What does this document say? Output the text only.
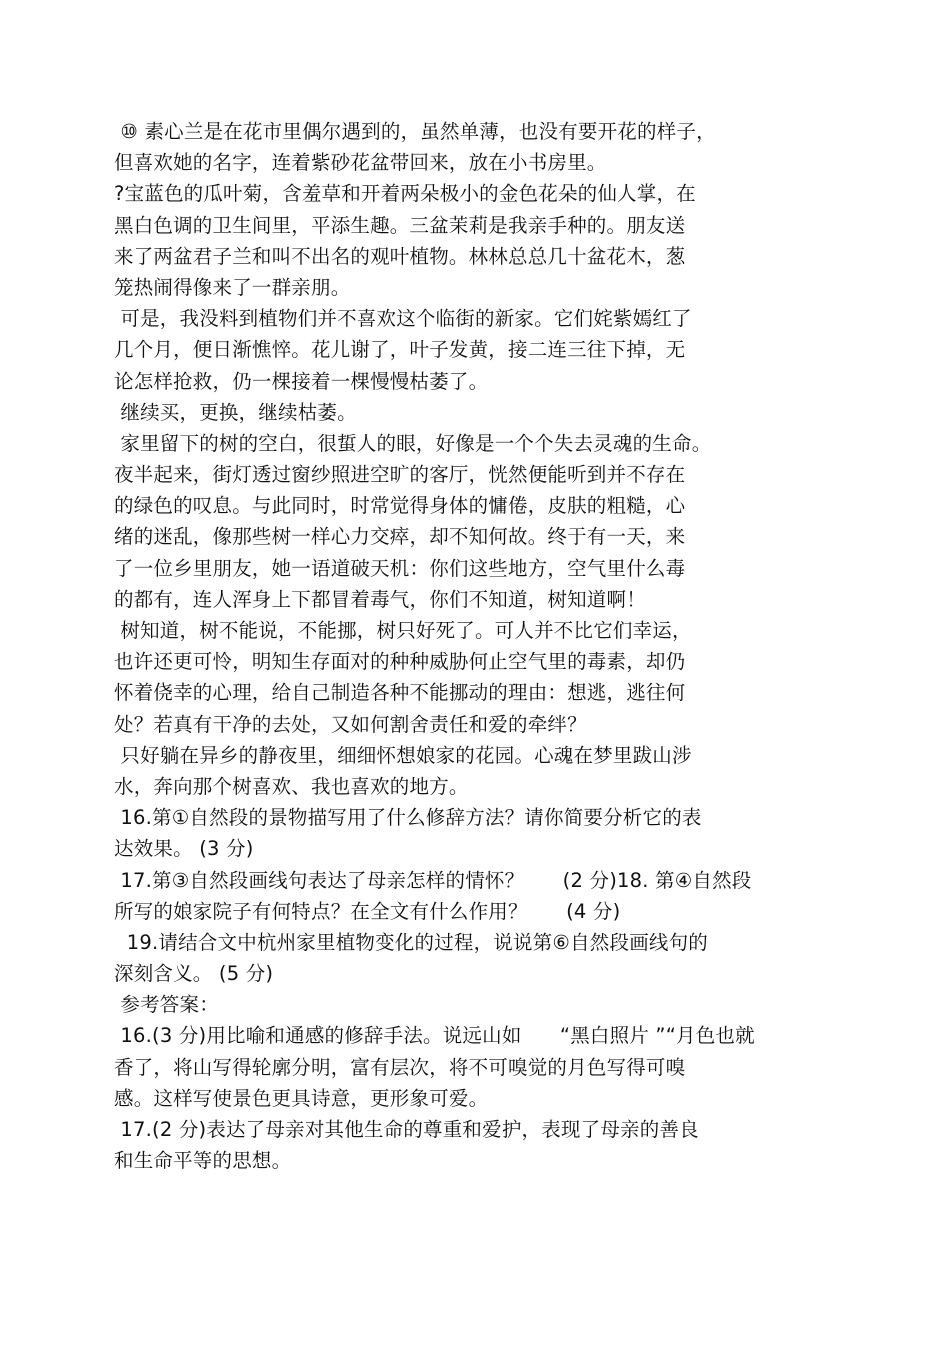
⑩ 素心兰是在花市里偶尔遇到的，虽然单薄，也没有要开花的样子，
但喜欢她的名字，连着紫砂花盆带回来，放在小书房里。
?宝蓝色的瓜叶菊，含羞草和开着两朵极小的金色花朵的仙人掌，在
黑白色调的卫生间里，平添生趣。三盆茉莉是我亲手种的。朋友送
来了两盆君子兰和叫不出名的观叶植物。林林总总几十盆花木，葱
笼热闹得像来了一群亲朋。
可是，我没料到植物们并不喜欢这个临街的新家。它们姹紫嫣红了
几个月，便日渐憔悴。花儿谢了，叶子发黄，接二连三往下掉，无
论怎样抢救，仍一棵接着一棵慢慢枯萎了。
继续买，更换，继续枯萎。
家里留下的树的空白，很蜇人的眼，好像是一个个失去灵魂的生命。
夜半起来，街灯透过窗纱照进空旷的客厅，恍然便能听到并不存在
的绿色的叹息。与此同时，时常觉得身体的慵倦，皮肤的粗糙，心
绪的迷乱，像那些树一样心力交瘁，却不知何故。终于有一天，来
了一位乡里朋友，她一语道破天机：你们这些地方，空气里什么毒
的都有，连人浑身上下都冒着毒气，你们不知道，树知道啊！
树知道，树不能说，不能挪，树只好死了。可人并不比它们幸运，
也许还更可怜，明知生存面对的种种威胁何止空气里的毒素，却仍
怀着侥幸的心理，给自己制造各种不能挪动的理由：想逃，逃往何
处？若真有干净的去处，又如何割舍责任和爱的牵绊？
只好躺在异乡的静夜里，细细怀想娘家的花园。心魂在梦里跋山涉
水，奔向那个树喜欢、我也喜欢的地方。
16.第①自然段的景物描写用了什么修辞方法？请你简要分析它的表
达效果。 (3 分)
17.第③自然段画线句表达了母亲怎样的情怀？      (2 分)18. 第④自然段
所写的娘家院子有何特点？在全文有什么作用？      (4 分)
19.请结合文中杭州家里植物变化的过程，说说第⑥自然段画线句的
深刻含义。 (5 分)
参考答案：
16.(3 分)用比喻和通感的修辞手法。说远山如      “黑白照片 ”“月色也就
香了，将山写得轮廓分明，富有层次，将不可嗅觉的月色写得可嗅
感。这样写使景色更具诗意，更形象可爱。
17.(2 分)表达了母亲对其他生命的尊重和爱护，表现了母亲的善良
和生命平等的思想。
